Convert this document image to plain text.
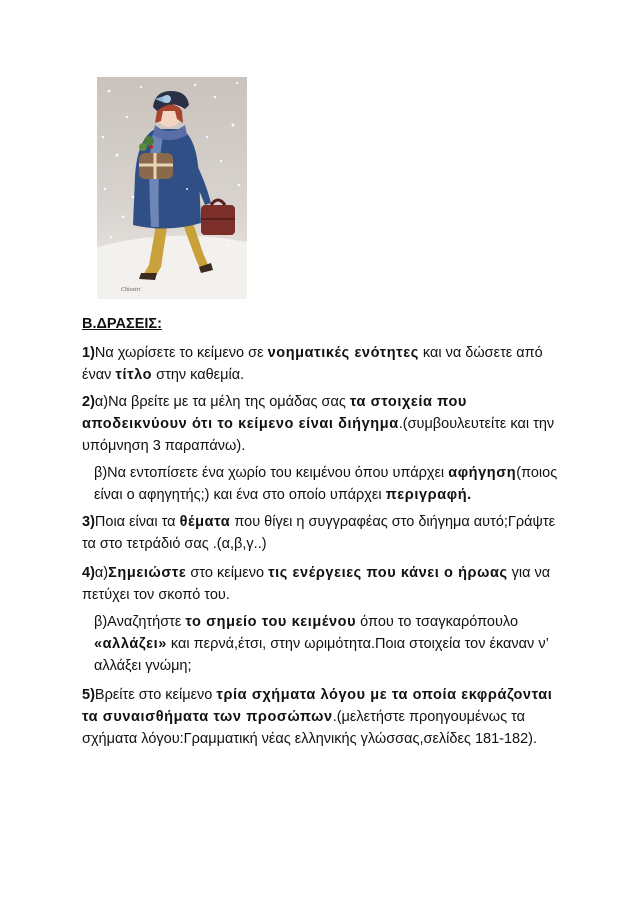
Chiostri

Β.ΔΡΑΣΕΙΣ:

1)Να χωρίσετε το κείμενο σε νοηματικές ενότητες και να δώσετε από έναν τίτλο στην καθεμία.

2)α)Να βρείτε με τα μέλη της ομάδας σας τα στοιχεία που αποδεικνύουν ότι το κείμενο είναι διήγημα.(συμβουλευτείτε και την υπόμνηση 3 παραπάνω).

β)Να εντοπίσετε ένα χωρίο του κειμένου όπου υπάρχει αφήγηση(ποιος είναι ο αφηγητής;) και ένα στο οποίο υπάρχει περιγραφή.

3)Ποια είναι τα θέματα που θίγει η συγγραφέας στο διήγημα αυτό;Γράψτε τα στο τετράδιό σας .(α,β,γ..)

4)α)Σημειώστε στο κείμενο τις ενέργειες που κάνει ο ήρωας για να πετύχει τον σκοπό του.

β)Αναζητήστε το σημείο του κειμένου όπου το τσαγκαρόπουλο «αλλάζει» και περνά,έτσι, στην ωριμότητα.Ποια στοιχεία τον έκαναν ν’ αλλάξει γνώμη;

5)Βρείτε στο κείμενο τρία σχήματα λόγου με τα οποία εκφράζονται τα συναισθήματα των προσώπων.(μελετήστε προηγουμένως τα σχήματα λόγου:Γραμματική νέας ελληνικής γλώσσας,σελίδες 181-182).
